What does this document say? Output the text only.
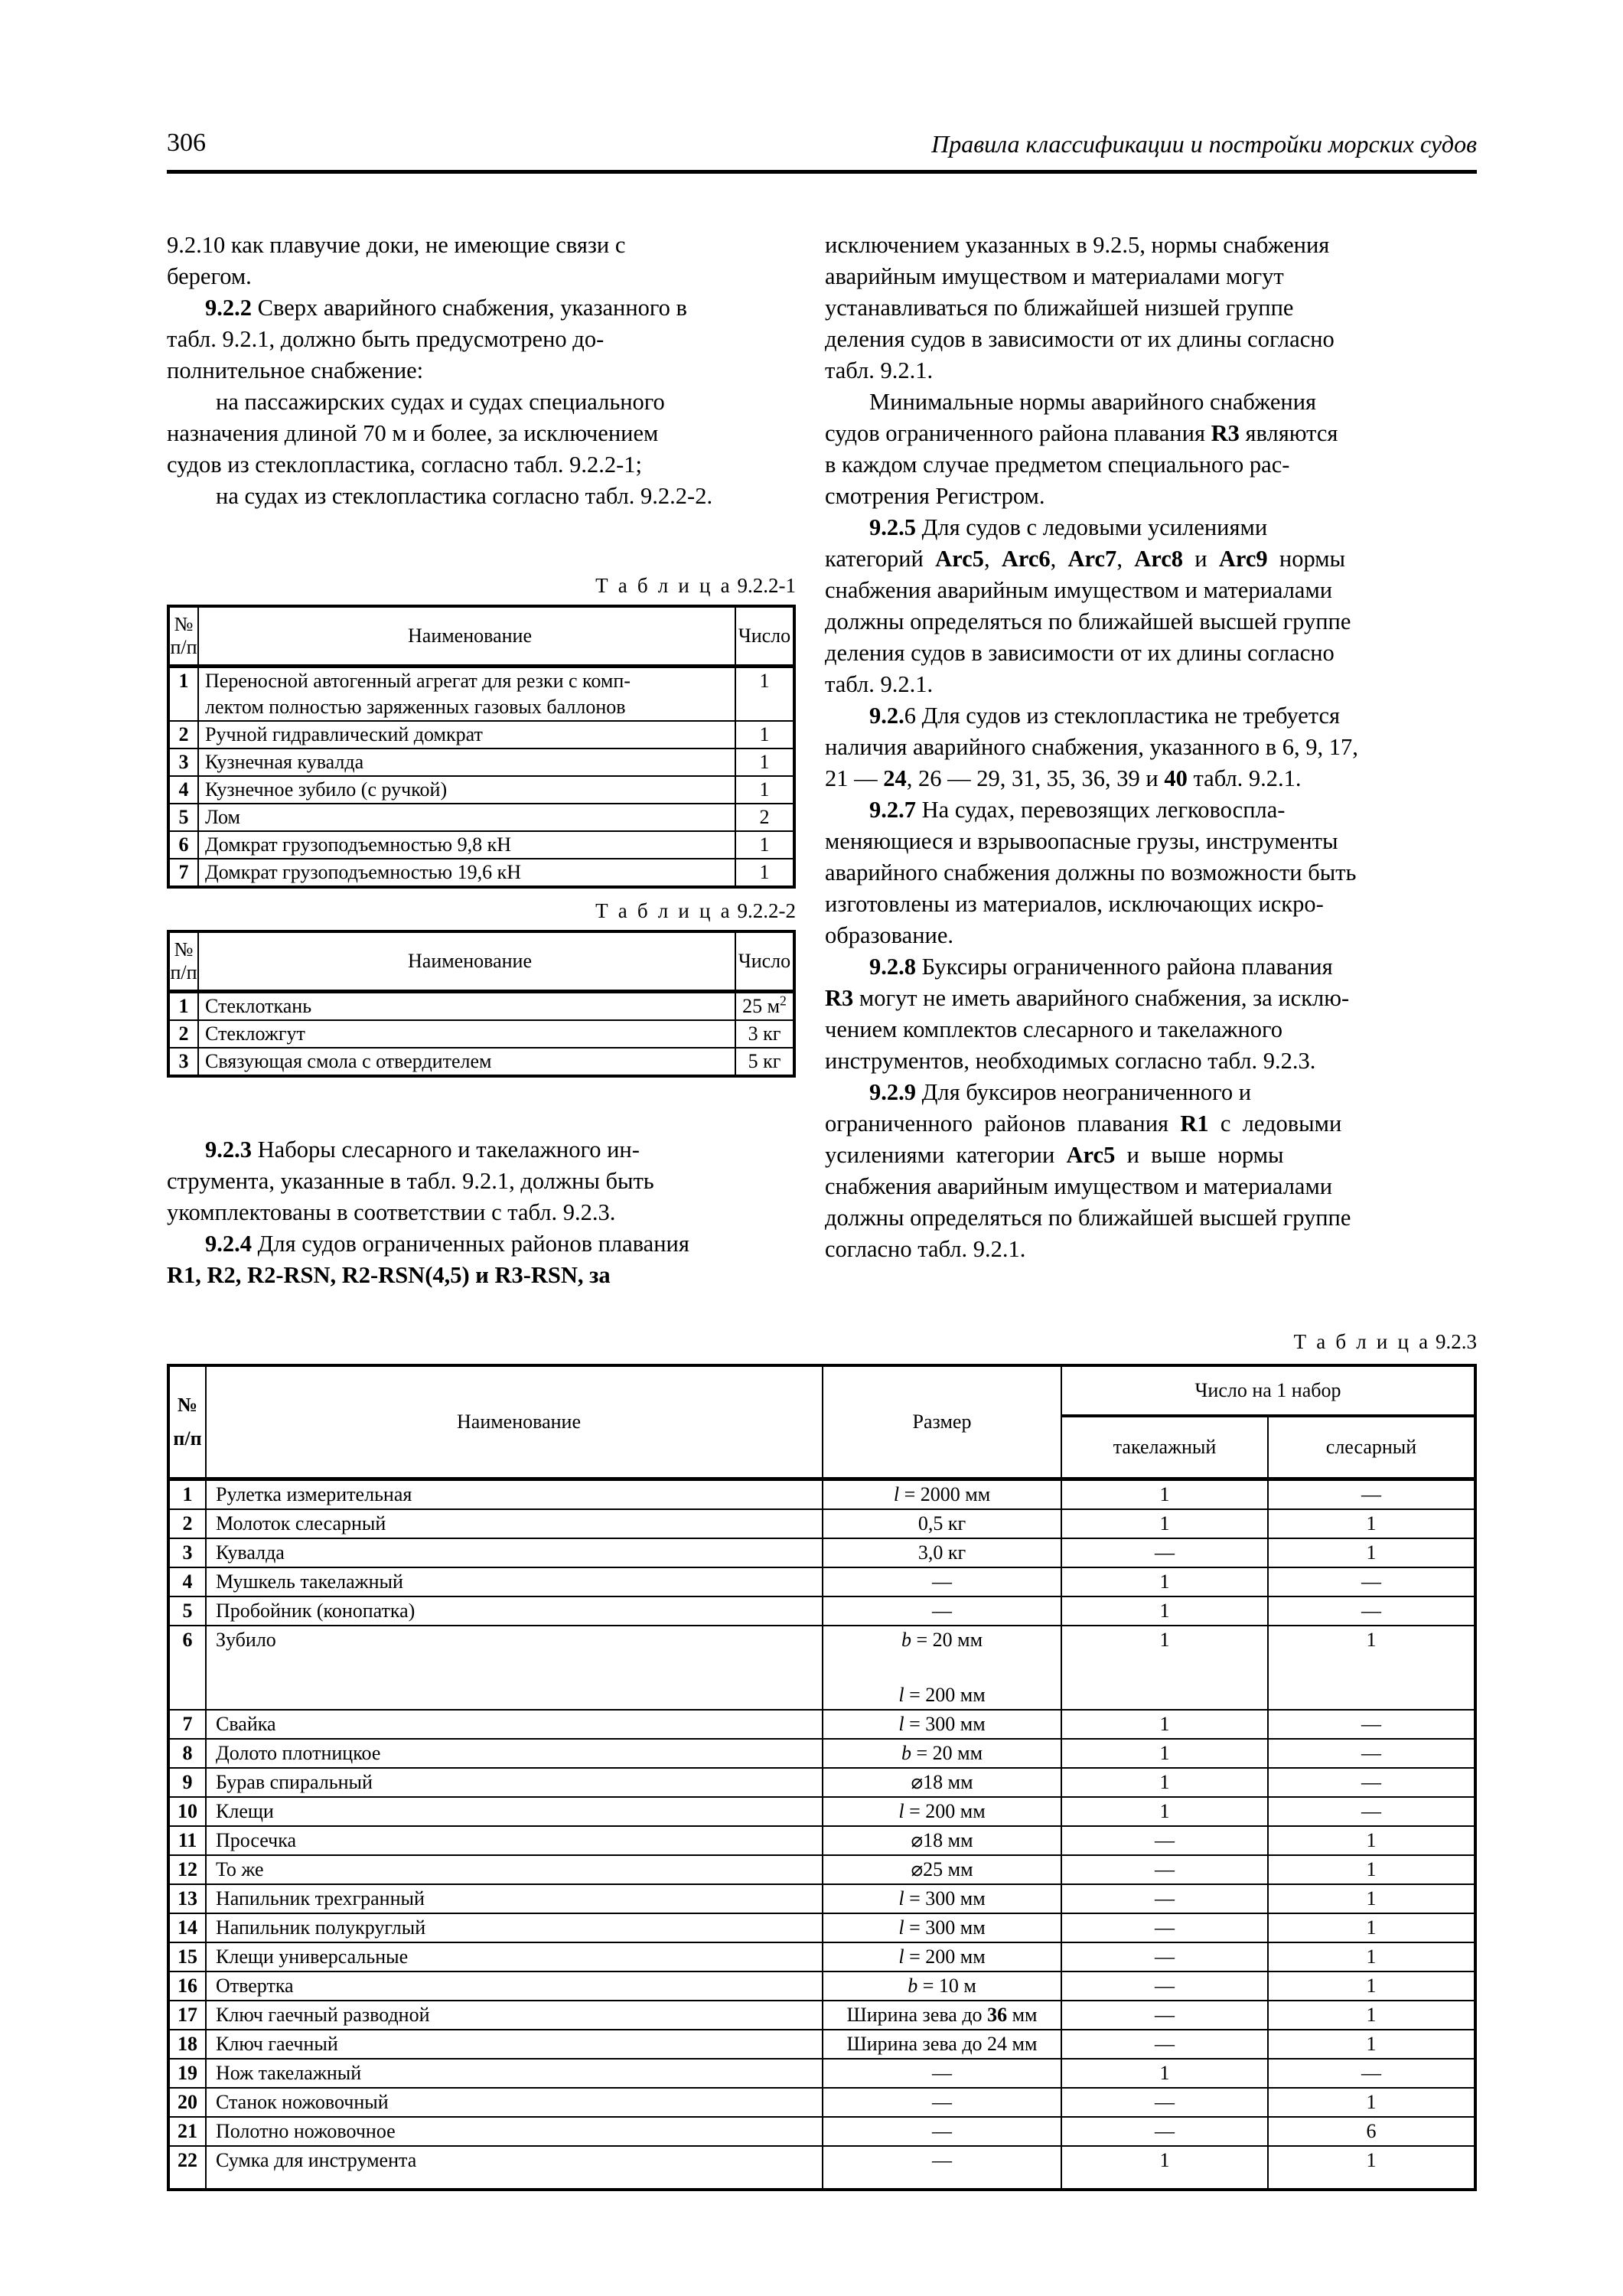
306	Правила классификации и постройки морских судов

9.2.10 как плавучие доки, не имеющие связи с
берегом.

9.2.2 Сверх аварийного снабжения, указанного в
табл. 9.2.1, должно быть предусмотрено до-
полнительное снабжение:

на пассажирских судах и судах специального
назначения длиной 70 м и более, за исключением
судов из стеклопластика, согласно табл. 9.2.2-1;

на судах из стеклопластика согласно табл. 9.2.2-2.

Т а б л и ц а 9.2.2-1
№
п/п	Наименование	Число
1	Переносной автогенный агрегат для резки с комп-
лектом полностью заряженных газовых баллонов	1
2	Ручной гидравлический домкрат	1
3	Кузнечная кувалда	1
4	Кузнечное зубило (с ручкой)	1
5	Лом	2
6	Домкрат грузоподъемностью 9,8 кН	1
7	Домкрат грузоподъемностью 19,6 кН	1
Т а б л и ц а 9.2.2-2
№
п/п	Наименование	Число
1	Стеклоткань	25 $м^2$
2	Стекложгут	3 кг
3	Связующая смола с отвердителем	5 кг

9.2.3 Наборы слесарного и такелажного ин-
струмента, указанные в табл. 9.2.1, должны быть
укомплектованы в соответствии с табл. 9.2.3.

9.2.4 Для судов ограниченных районов плавания
R1, R2, R2-RSN, R2-RSN(4,5) и R3-RSN, за

исключением указанных в 9.2.5, нормы снабжения
аварийным имуществом и материалами могут
устанавливаться по ближайшей низшей группе
деления судов в зависимости от их длины согласно
табл. 9.2.1.

Минимальные нормы аварийного снабжения
судов ограниченного района плавания R3 являются
в каждом случае предметом специального рас-
смотрения Регистром.

9.2.5 Для судов с ледовыми усилениями
категорий  Arc5,  Arc6,  Arc7,  Arc8  и  Arc9  нормы
снабжения аварийным имуществом и материалами
должны определяться по ближайшей высшей группе
деления судов в зависимости от их длины согласно
табл. 9.2.1.

9.2.6 Для судов из стеклопластика не требуется
наличия аварийного снабжения, указанного в 6, 9, 17,
21 — 24, 26 — 29, 31, 35, 36, 39 и 40 табл. 9.2.1.

9.2.7 На судах, перевозящих легковоспла-
меняющиеся и взрывоопасные грузы, инструменты
аварийного снабжения должны по возможности быть
изготовлены из материалов, исключающих искро-
образование.

9.2.8 Буксиры ограниченного района плавания
R3 могут не иметь аварийного снабжения, за исклю-
чением комплектов слесарного и такелажного
инструментов, необходимых согласно табл. 9.2.3.

9.2.9 Для буксиров неограниченного и
ограниченного  районов  плавания  R1  с  ледовыми
усилениями  категории  Arc5  и  выше  нормы
снабжения аварийным имуществом и материалами
должны определяться по ближайшей высшей группе
согласно табл. 9.2.1.

Т а б л и ц а 9.2.3
№
п/п	Наименование	Размер	Число на 1 набор	
			такелажный	слесарный
1	Рулетка измерительная	l = 2000 мм	1	—
2	Молоток слесарный	0,5 кг	1	1
3	Кувалда	3,0 кг	—	1
4	Мушкель такелажный	—	1	—
5	Пробойник (конопатка)	—	1	—
6	Зубило	b = 20 мм

l = 200 мм	1	1
7	Свайка	l = 300 мм	1	—
8	Долото плотницкое	b = 20 мм	1	—
9	Бурав спиральный	⌀18 мм	1	—
10	Клещи	l = 200 мм	1	—
11	Просечка	⌀18 мм	—	1
12	То же	⌀25 мм	—	1
13	Напильник трехгранный	l = 300 мм	—	1
14	Напильник полукруглый	l = 300 мм	—	1
15	Клещи универсальные	l = 200 мм	—	1
16	Отвертка	b = 10 м	—	1
17	Ключ гаечный разводной	Ширина зева до 36 мм	—	1
18	Ключ гаечный	Ширина зева до 24 мм	—	1
19	Нож такелажный	—	1	—
20	Станок ножовочный	—	—	1
21	Полотно ножовочное	—	—	6
22	Сумка для инструмента	—	1	1
